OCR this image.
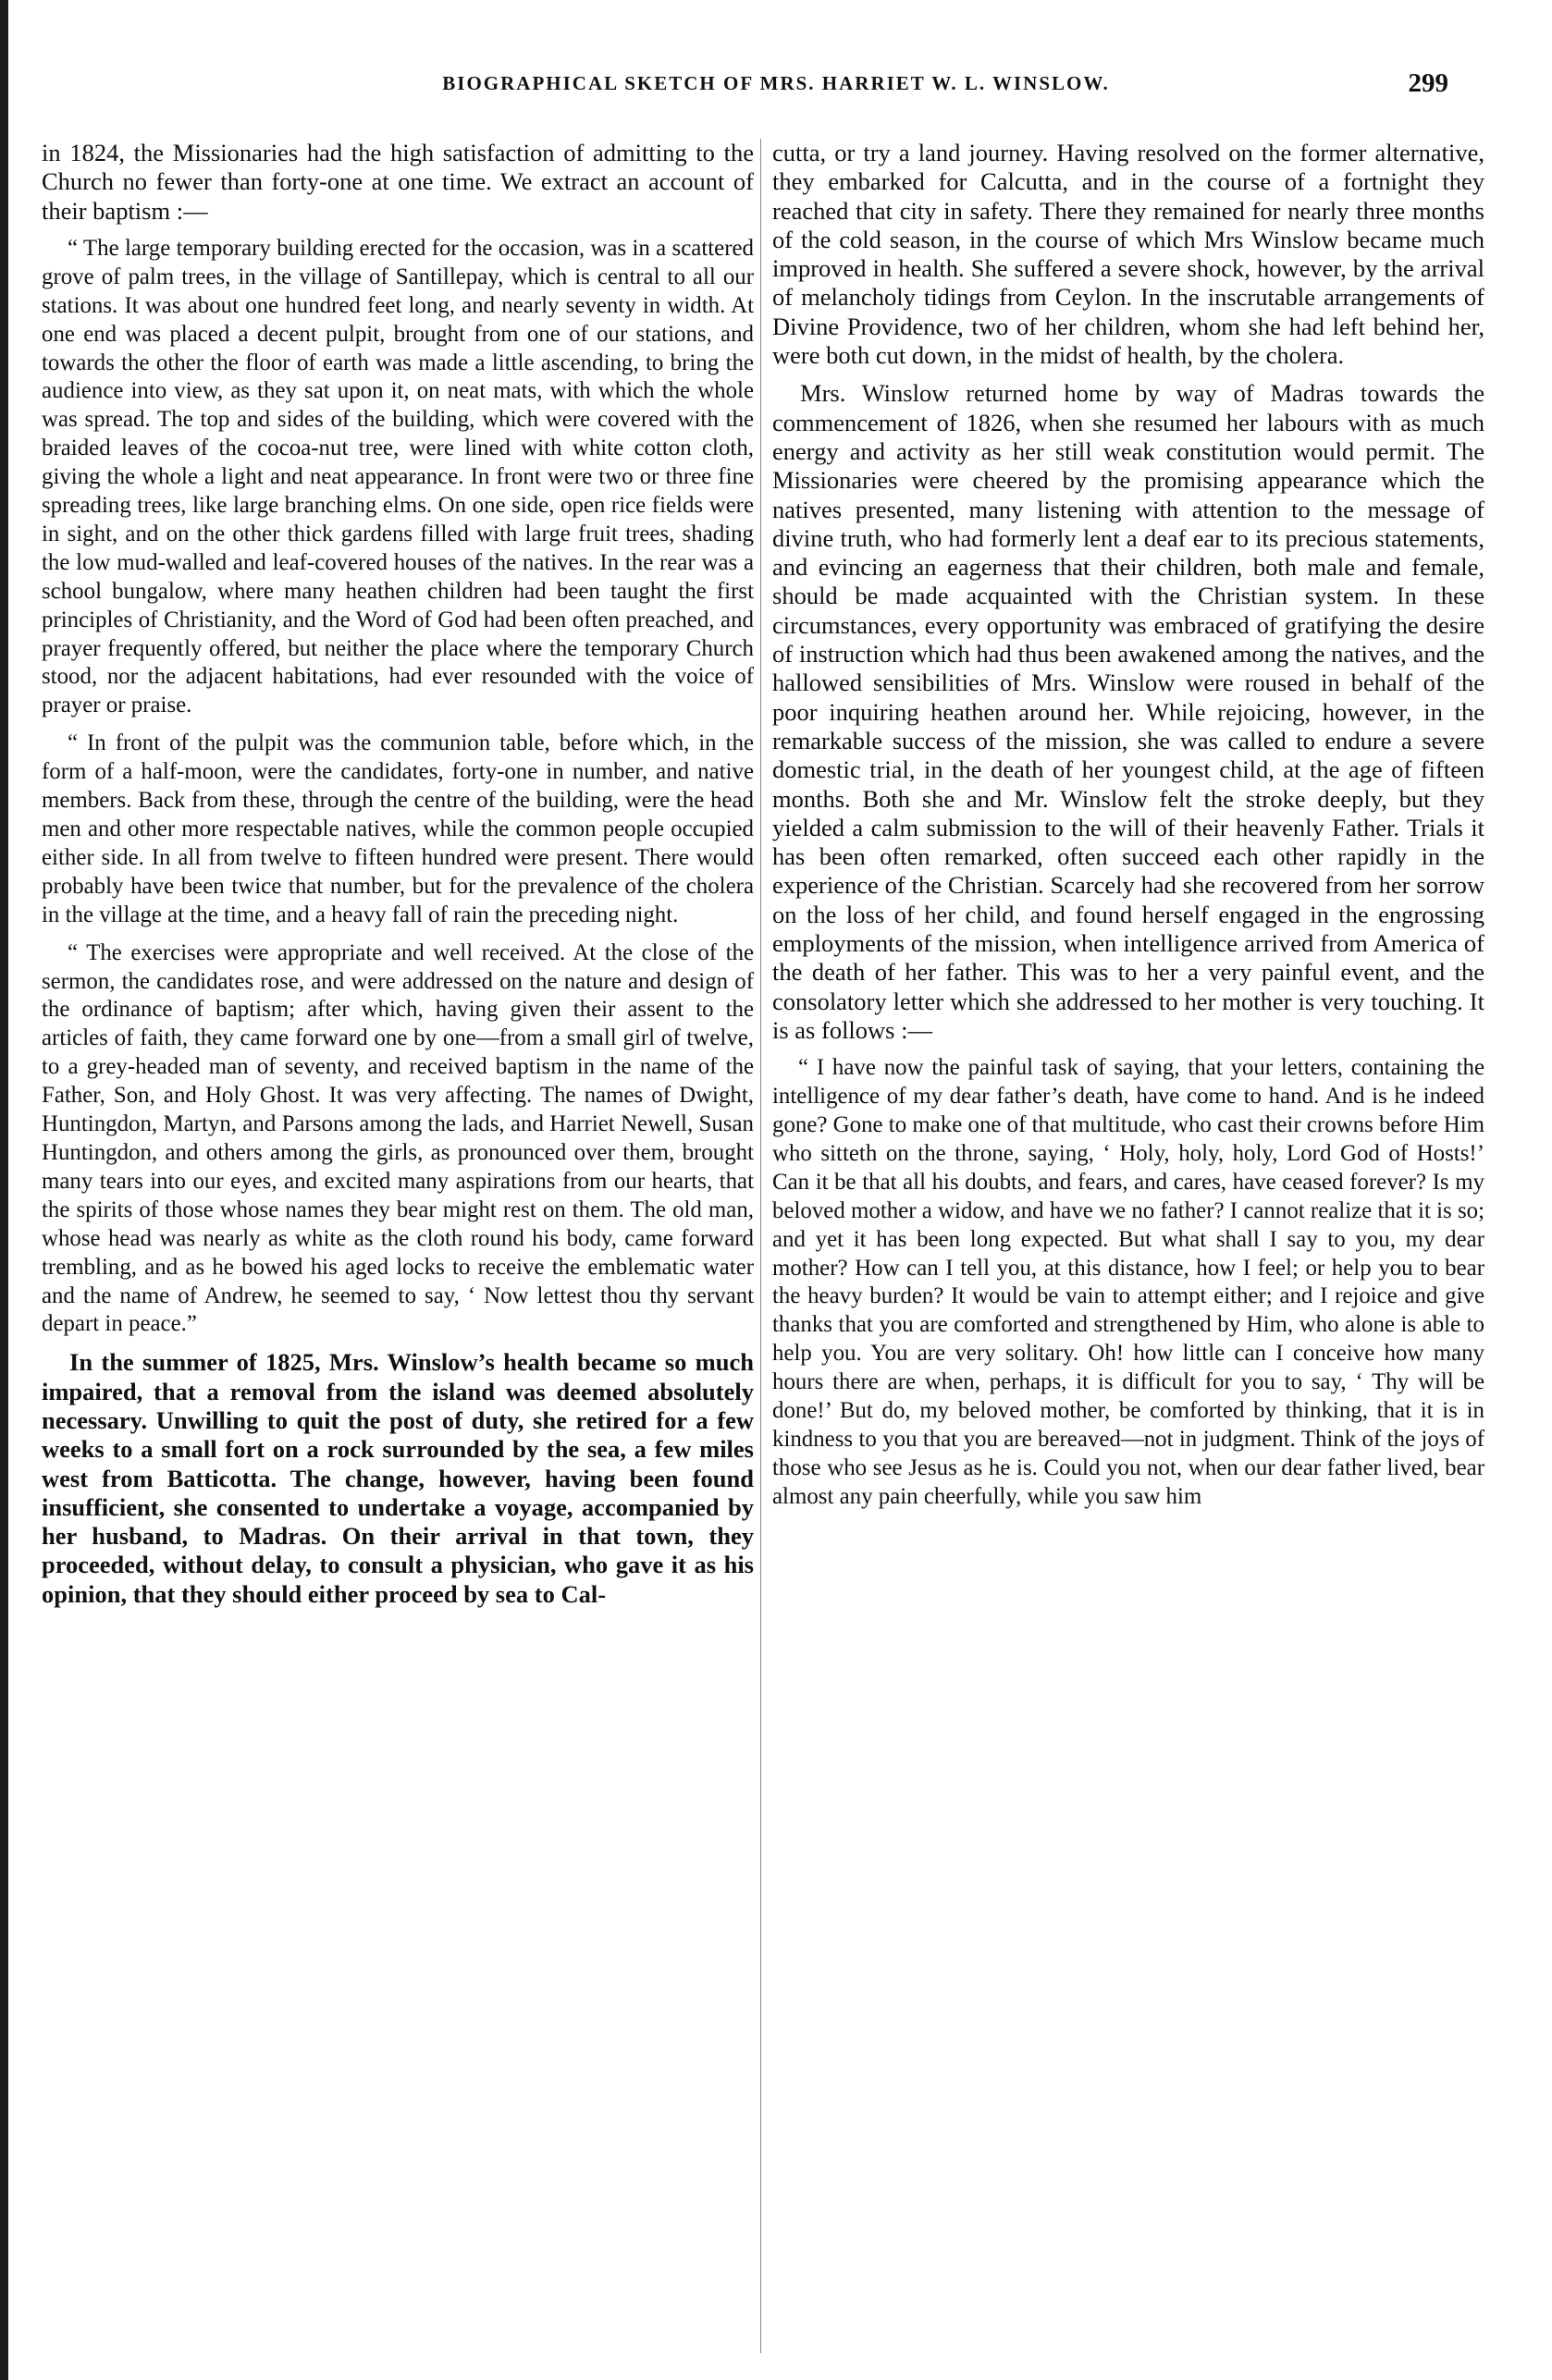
BIOGRAPHICAL SKETCH OF MRS. HARRIET W. L. WINSLOW.	299

in 1824, the Missionaries had the high satisfaction of admitting to the Church no fewer than forty-one at one time. We extract an account of their baptism :—

“ The large temporary building erected for the occasion, was in a scattered grove of palm trees, in the village of Santillepay, which is central to all our stations. It was about one hundred feet long, and nearly seventy in width. At one end was placed a decent pulpit, brought from one of our stations, and towards the other the floor of earth was made a little ascending, to bring the audience into view, as they sat upon it, on neat mats, with which the whole was spread. The top and sides of the building, which were covered with the braided leaves of the cocoa-nut tree, were lined with white cotton cloth, giving the whole a light and neat appearance. In front were two or three fine spreading trees, like large branching elms. On one side, open rice fields were in sight, and on the other thick gardens filled with large fruit trees, shading the low mud-walled and leaf-covered houses of the natives. In the rear was a school bungalow, where many heathen children had been taught the first principles of Christianity, and the Word of God had been often preached, and prayer frequently offered, but neither the place where the temporary Church stood, nor the adjacent habitations, had ever resounded with the voice of prayer or praise.

“ In front of the pulpit was the communion table, before which, in the form of a half-moon, were the candidates, forty-one in number, and native members. Back from these, through the centre of the building, were the head men and other more respectable natives, while the common people occupied either side. In all from twelve to fifteen hundred were present. There would probably have been twice that number, but for the prevalence of the cholera in the village at the time, and a heavy fall of rain the preceding night.

“ The exercises were appropriate and well received. At the close of the sermon, the candidates rose, and were addressed on the nature and design of the ordinance of baptism; after which, having given their assent to the articles of faith, they came forward one by one—from a small girl of twelve, to a grey-headed man of seventy, and received baptism in the name of the Father, Son, and Holy Ghost. It was very affecting. The names of Dwight, Huntingdon, Martyn, and Parsons among the lads, and Harriet Newell, Susan Huntingdon, and others among the girls, as pronounced over them, brought many tears into our eyes, and excited many aspirations from our hearts, that the spirits of those whose names they bear might rest on them. The old man, whose head was nearly as white as the cloth round his body, came forward trembling, and as he bowed his aged locks to receive the emblematic water and the name of Andrew, he seemed to say, ‘ Now lettest thou thy servant depart in peace.”

In the summer of 1825, Mrs. Winslow’s health became so much impaired, that a removal from the island was deemed absolutely necessary. Unwilling to quit the post of duty, she retired for a few weeks to a small fort on a rock surrounded by the sea, a few miles west from Batticotta. The change, however, having been found insufficient, she consented to undertake a voyage, accompanied by her husband, to Madras. On their arrival in that town, they proceeded, without delay, to consult a physician, who gave it as his opinion, that they should either proceed by sea to Cal-

cutta, or try a land journey. Having resolved on the former alternative, they embarked for Calcutta, and in the course of a fortnight they reached that city in safety. There they remained for nearly three months of the cold season, in the course of which Mrs Winslow became much improved in health. She suffered a severe shock, however, by the arrival of melancholy tidings from Ceylon. In the inscrutable arrangements of Divine Providence, two of her children, whom she had left behind her, were both cut down, in the midst of health, by the cholera.

Mrs. Winslow returned home by way of Madras towards the commencement of 1826, when she resumed her labours with as much energy and activity as her still weak constitution would permit. The Missionaries were cheered by the promising appearance which the natives presented, many listening with attention to the message of divine truth, who had formerly lent a deaf ear to its precious statements, and evincing an eagerness that their children, both male and female, should be made acquainted with the Christian system. In these circumstances, every opportunity was embraced of gratifying the desire of instruction which had thus been awakened among the natives, and the hallowed sensibilities of Mrs. Winslow were roused in behalf of the poor inquiring heathen around her. While rejoicing, however, in the remarkable success of the mission, she was called to endure a severe domestic trial, in the death of her youngest child, at the age of fifteen months. Both she and Mr. Winslow felt the stroke deeply, but they yielded a calm submission to the will of their heavenly Father. Trials it has been often remarked, often succeed each other rapidly in the experience of the Christian. Scarcely had she recovered from her sorrow on the loss of her child, and found herself engaged in the engrossing employments of the mission, when intelligence arrived from America of the death of her father. This was to her a very painful event, and the consolatory letter which she addressed to her mother is very touching. It is as follows :—

“ I have now the painful task of saying, that your letters, containing the intelligence of my dear father’s death, have come to hand. And is he indeed gone? Gone to make one of that multitude, who cast their crowns before Him who sitteth on the throne, saying, ‘ Holy, holy, holy, Lord God of Hosts!’ Can it be that all his doubts, and fears, and cares, have ceased forever? Is my beloved mother a widow, and have we no father? I cannot realize that it is so; and yet it has been long expected. But what shall I say to you, my dear mother? How can I tell you, at this distance, how I feel; or help you to bear the heavy burden? It would be vain to attempt either; and I rejoice and give thanks that you are comforted and strengthened by Him, who alone is able to help you. You are very solitary. Oh! how little can I conceive how many hours there are when, perhaps, it is difficult for you to say, ‘ Thy will be done!’ But do, my beloved mother, be comforted by thinking, that it is in kindness to you that you are bereaved—not in judgment. Think of the joys of those who see Jesus as he is. Could you not, when our dear father lived, bear almost any pain cheerfully, while you saw him
